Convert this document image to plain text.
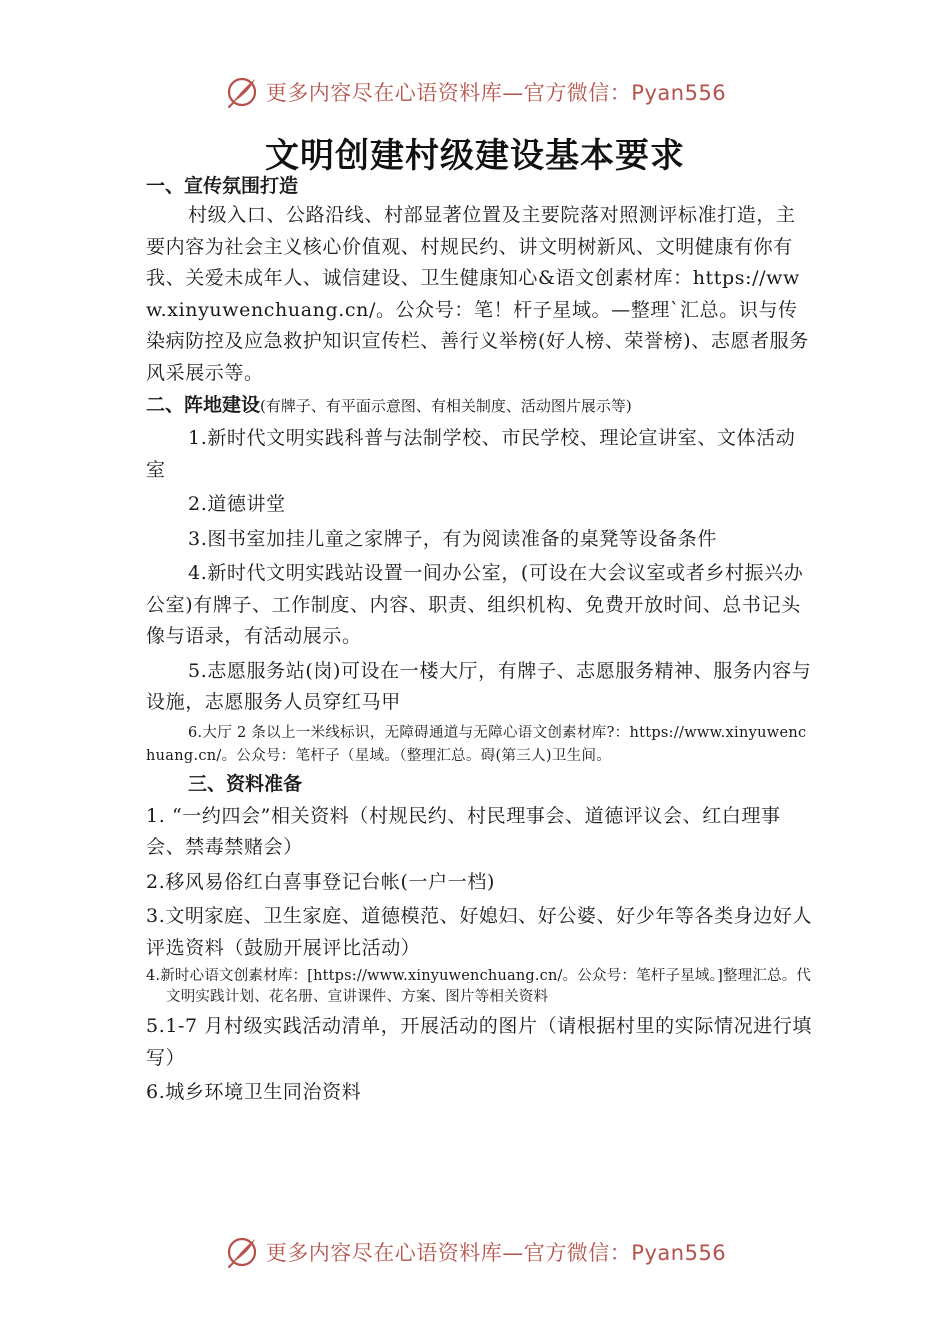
更多内容尽在心语资料库—官方微信：Pyan556
文明创建村级建设基本要求

一、宣传氛围打造

村级入口、公路沿线、村部显著位置及主要院落对照测评标准打造，主要内容为社会主义核心价值观、村规民约、讲文明树新风、文明健康有你有我、关爱未成年人、诚信建设、卫生健康知心&语文创素材库：https://www.xinyuwenchuang.cn/。公众号：笔！杆子星域。—整理`汇总。识与传染病防控及应急救护知识宣传栏、善行义举榜(好人榜、荣誉榜)、志愿者服务风采展示等。

二、阵地建设(有牌子、有平面示意图、有相关制度、活动图片展示等)

1.新时代文明实践科普与法制学校、市民学校、理论宣讲室、文体活动室

2.道德讲堂

3.图书室加挂儿童之家牌子，有为阅读准备的桌凳等设备条件

4.新时代文明实践站设置一间办公室，(可设在大会议室或者乡村振兴办公室)有牌子、工作制度、内容、职责、组织机构、免费开放时间、总书记头像与语录，有活动展示。

5.志愿服务站(岗)可设在一楼大厅，有牌子、志愿服务精神、服务内容与设施，志愿服务人员穿红马甲

6.大厅 2 条以上一米线标识，无障碍通道与无障心语文创素材库?：https://www.xinyuwenchuang.cn/。公众号：笔杆子（星域。（整理汇总。碍(第三人)卫生间。

三、资料准备

1. “一约四会”相关资料（村规民约、村民理事会、道德评议会、红白理事会、禁毒禁赌会）

2.移风易俗红白喜事登记台帐(一户一档)

3.文明家庭、卫生家庭、道德模范、好媳妇、好公婆、好少年等各类身边好人评选资料（鼓励开展评比活动）

4.新时心语文创素材库：[https://www.xinyuwenchuang.cn/。公众号：笔杆子星域。]整理汇总。代文明实践计划、花名册、宣讲课件、方案、图片等相关资料

5.1-7 月村级实践活动清单，开展活动的图片（请根据村里的实际情况进行填写）

6.城乡环境卫生同治资料

更多内容尽在心语资料库—官方微信：Pyan556
